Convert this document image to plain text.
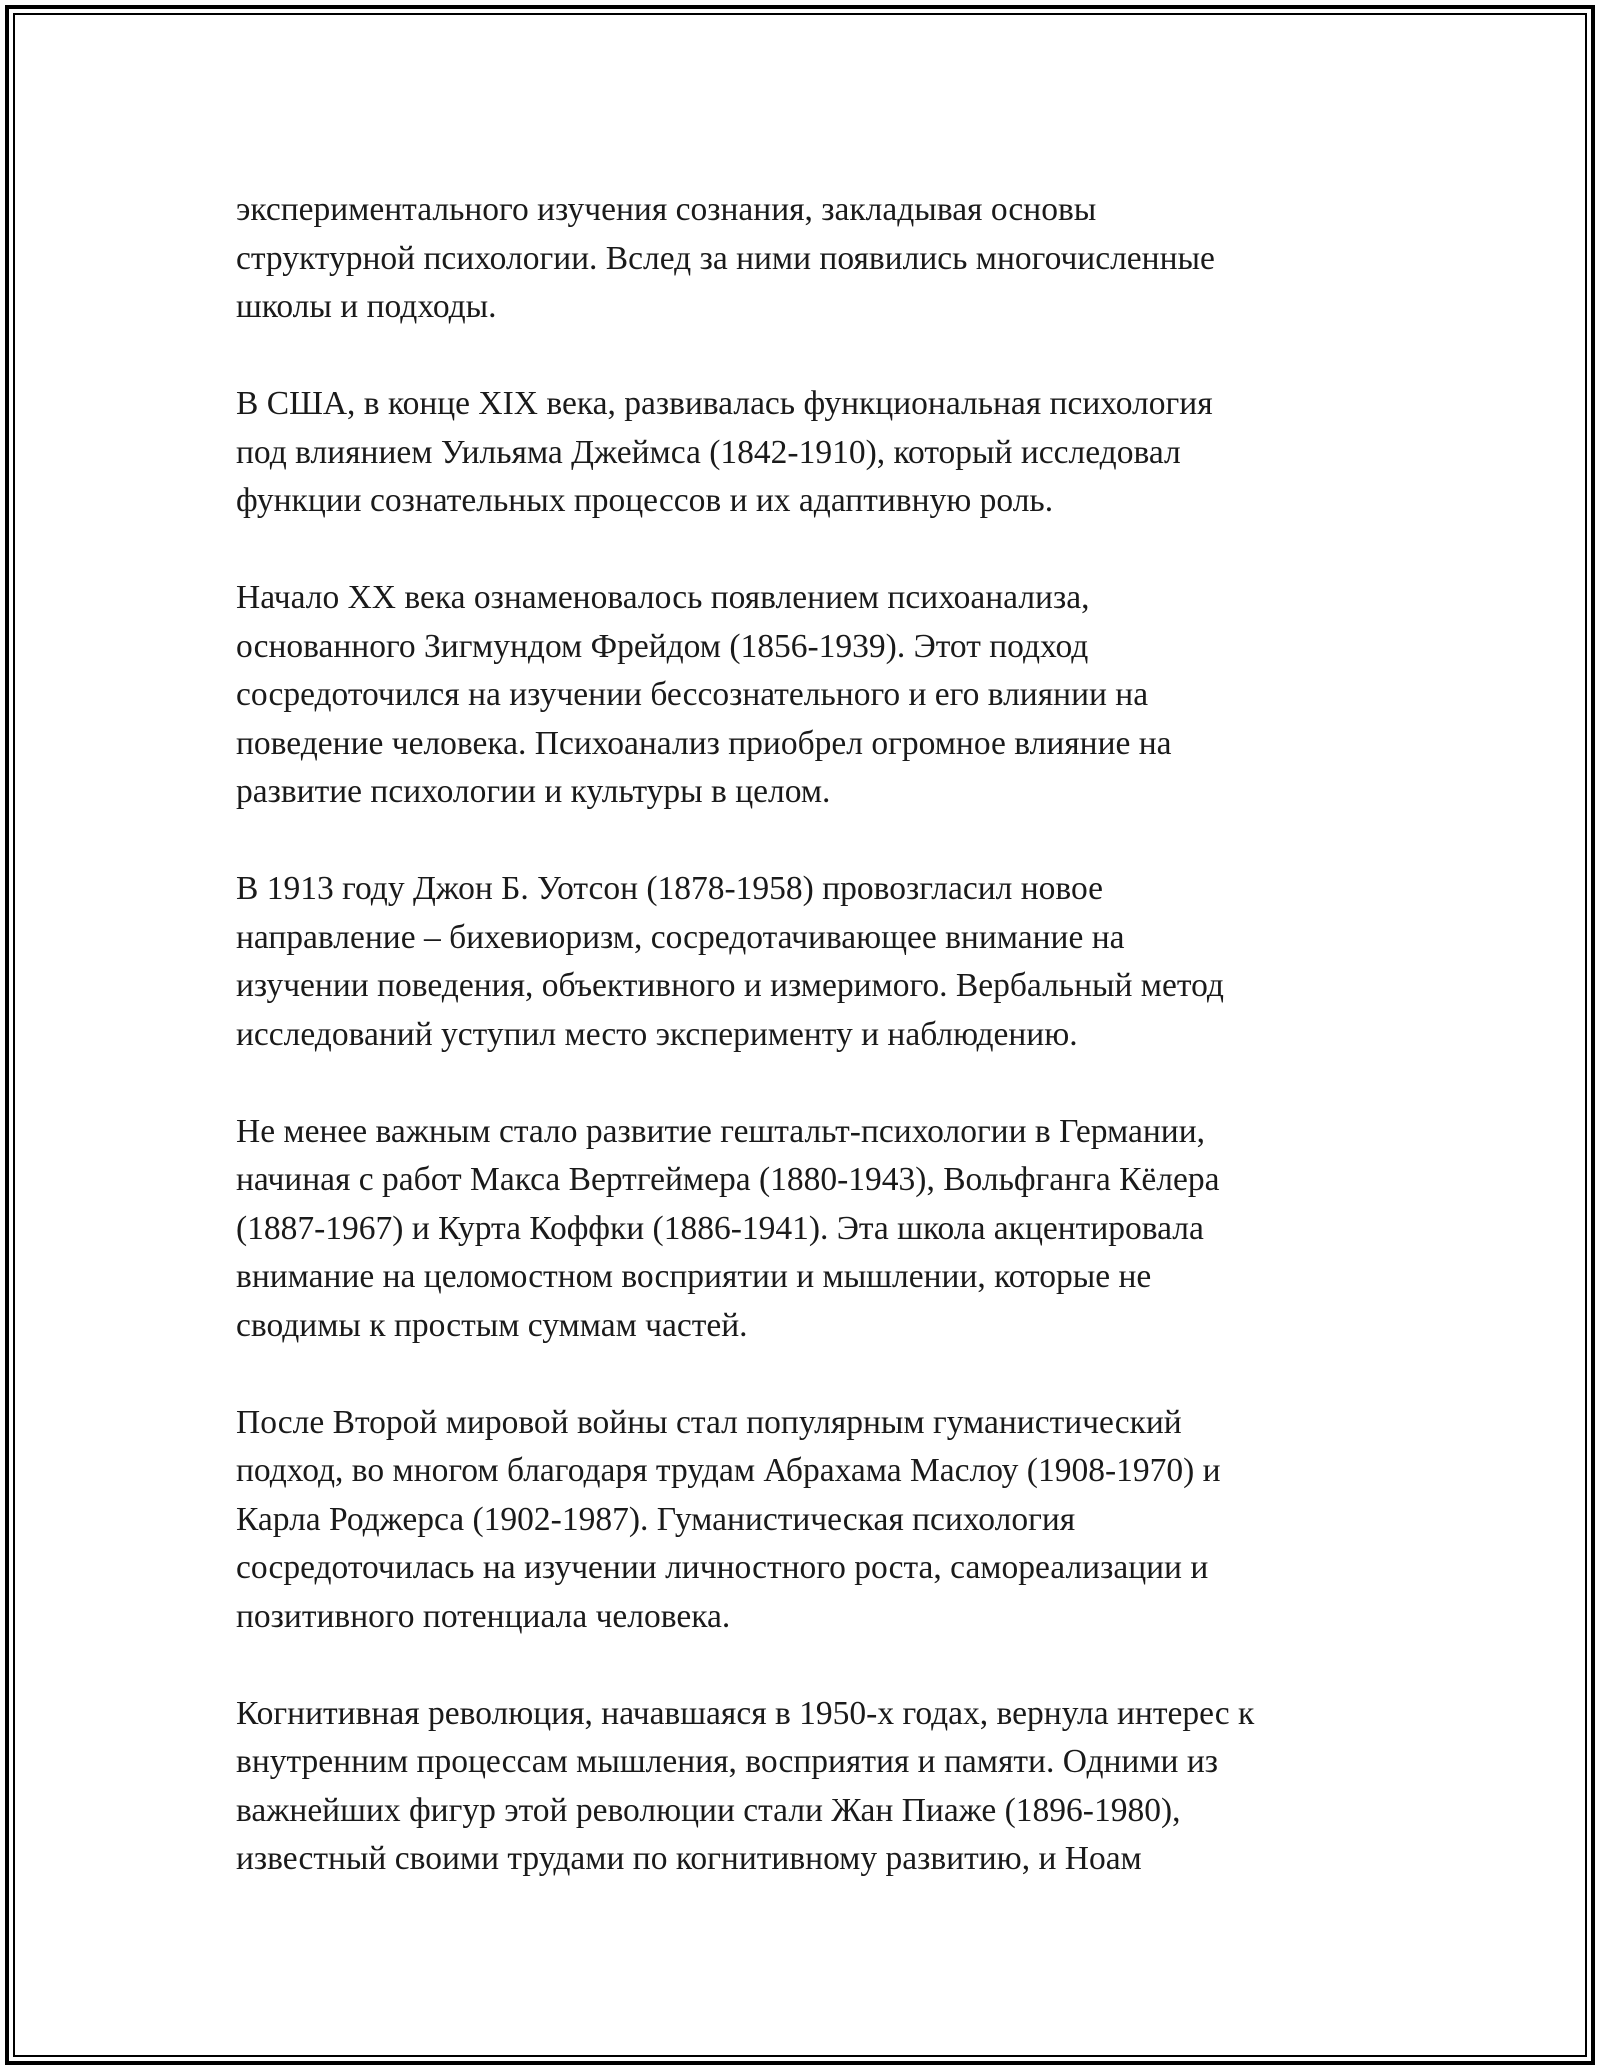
экспериментального изучения сознания, закладывая основы
структурной психологии. Вслед за ними появились многочисленные
школы и подходы.

В США, в конце XIX века, развивалась функциональная психология
под влиянием Уильяма Джеймса (1842-1910), который исследовал
функции сознательных процессов и их адаптивную роль.

Начало XX века ознаменовалось появлением психоанализа,
основанного Зигмундом Фрейдом (1856-1939). Этот подход
сосредоточился на изучении бессознательного и его влиянии на
поведение человека. Психоанализ приобрел огромное влияние на
развитие психологии и культуры в целом.

В 1913 году Джон Б. Уотсон (1878-1958) провозгласил новое
направление – бихевиоризм, сосредотачивающее внимание на
изучении поведения, объективного и измеримого. Вербальный метод
исследований уступил место эксперименту и наблюдению.

Не менее важным стало развитие гештальт-психологии в Германии,
начиная с работ Макса Вертгеймера (1880-1943), Вольфганга Кёлера
(1887-1967) и Курта Коффки (1886-1941). Эта школа акцентировала
внимание на целомостном восприятии и мышлении, которые не
сводимы к простым суммам частей.

После Второй мировой войны стал популярным гуманистический
подход, во многом благодаря трудам Абрахама Маслоу (1908-1970) и
Карла Роджерса (1902-1987). Гуманистическая психология
сосредоточилась на изучении личностного роста, самореализации и
позитивного потенциала человека.

Когнитивная революция, начавшаяся в 1950-х годах, вернула интерес к
внутренним процессам мышления, восприятия и памяти. Одними из
важнейших фигур этой революции стали Жан Пиаже (1896-1980),
известный своими трудами по когнитивному развитию, и Ноам
